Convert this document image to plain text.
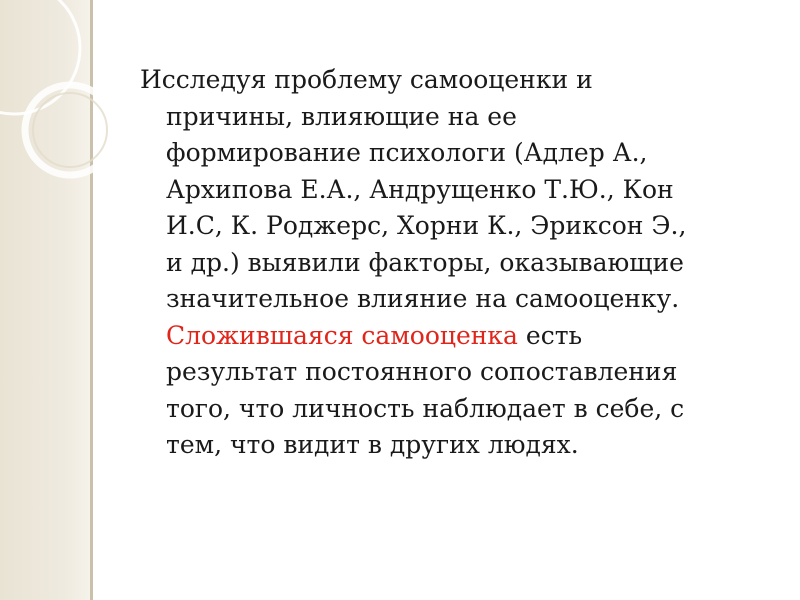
Исследуя проблему самооценки и
причины, влияющие на ее
формирование психологи (Адлер А.,
Архипова Е.А., Андрущенко Т.Ю., Кон
И.С, К. Роджерс, Хорни К., Эриксон Э.,
и др.) выявили факторы, оказывающие
значительное влияние на самооценку.
Сложившаяся самооценка есть
результат постоянного сопоставления
того, что личность наблюдает в себе, с
тем, что видит в других людях.
